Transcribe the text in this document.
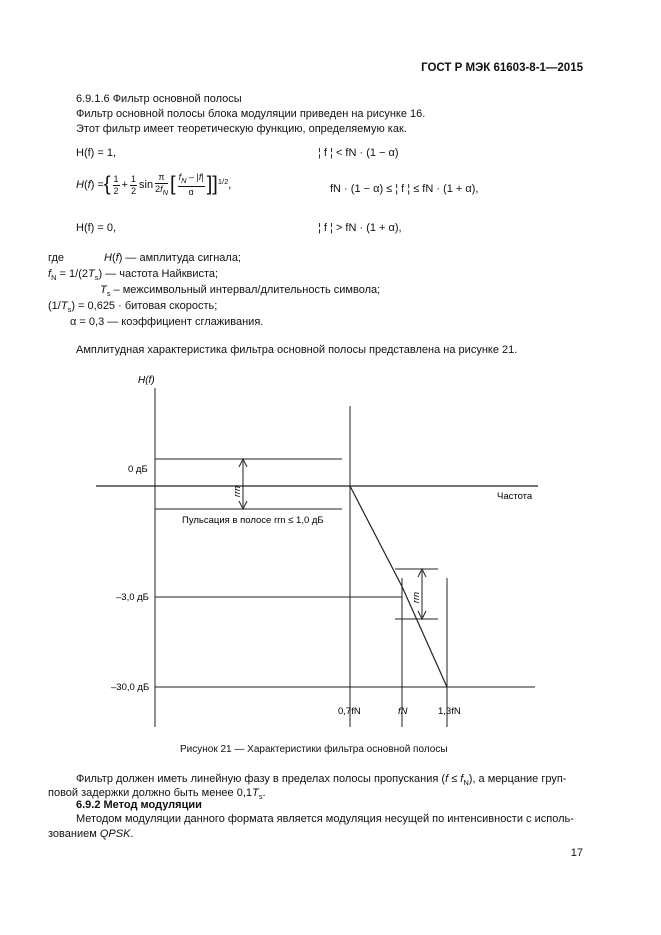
ГОСТ Р МЭК 61603-8-1—2015
6.9.1.6 Фильтр основной полосы
Фильтр основной полосы блока модуляции приведен на рисунке 16.
Этот фильтр имеет теоретическую функцию, определяемую как.
H(f) = 1,	¦ f ¦ < fN · (1 − α)
H(f) ={ $\frac{1}{2} + \frac{1}{2}$ $\sin \frac{\pi}{2f_N}$ [ $\frac{f_N - |f|}{\alpha} ]]^{1/2}$,	fN · (1 − α) ≤ ¦ f ¦ ≤ fN · (1 + α),
H(f) = 0,	¦ f ¦ > fN · (1 + α),
где	H(f) — амплитуда сигнала;
$f_N = 1/(2T_s)$ — частота Найквиста;
$T_s$ – межсимвольный интервал/длительность символа;
$(1/T_s) = 0,625$ · битовая скорость;
α = 0,3 — коэффициент сглаживания.
Амплитудная характеристика фильтра основной полосы представлена на рисунке 21.
H(f)
Частота
0 дБ
–3,0 дБ
–30,0 дБ
0,7fN	fN	1,3fN
rrn
Пульсация в полосе rrn ≤ 1,0 дБ
rrn
Рисунок 21 — Характеристики фильтра основной полосы
Фильтр должен иметь линейную фазу в пределах полосы пропускания $(f \le f_N)$, а мерцание груп-
повой задержки должно быть менее $0,1T_s$.
6.9.2 Метод модуляции
Методом модуляции данного формата является модуляция несущей по интенсивности с исполь-
зованием QPSK.
17
